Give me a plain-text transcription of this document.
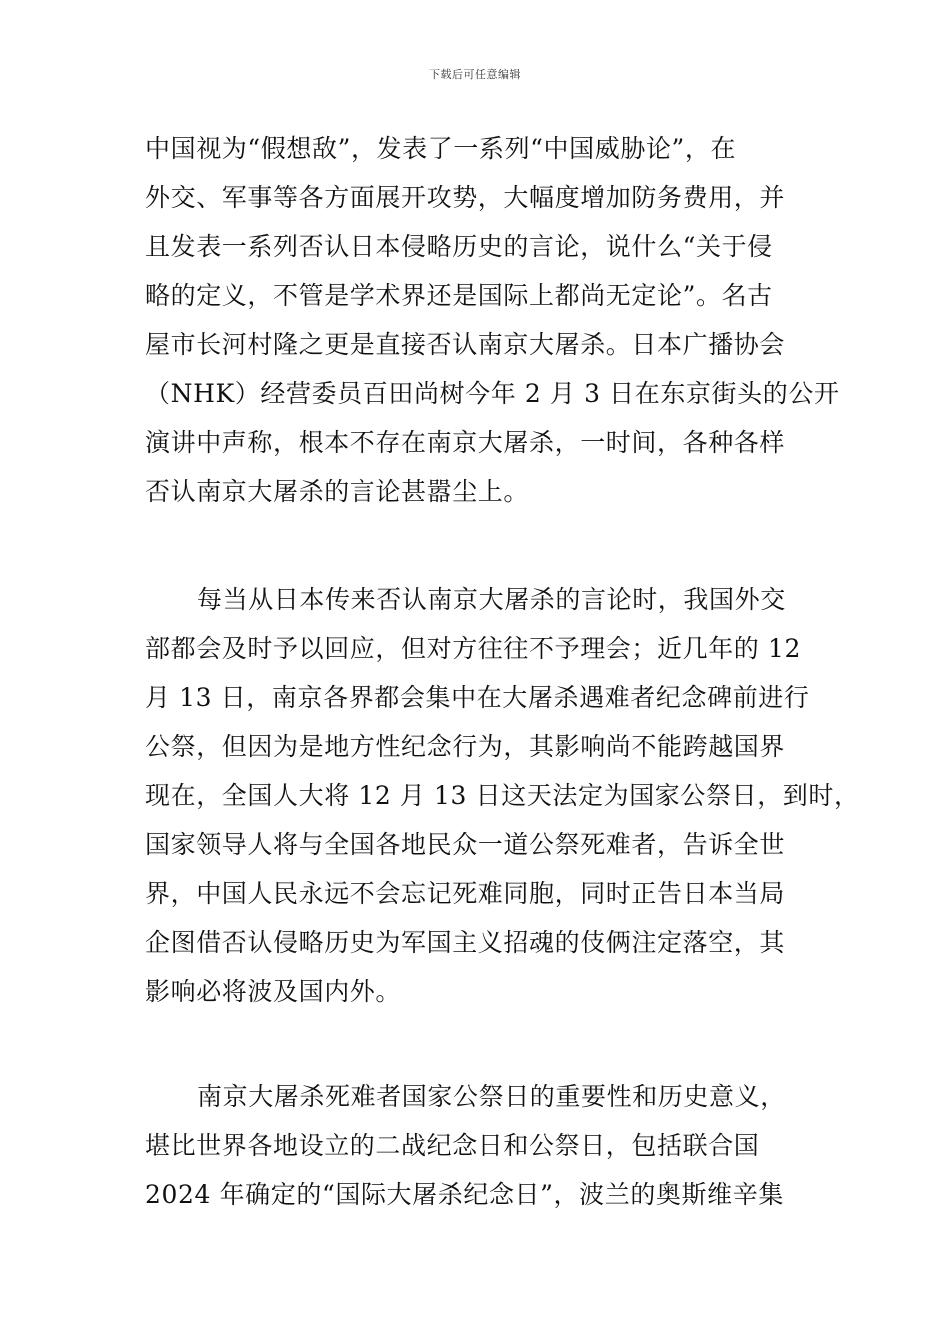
下载后可任意编辑
中国视为“假想敌”，发表了一系列“中国威胁论”，在
外交、军事等各方面展开攻势，大幅度增加防务费用，并
且发表一系列否认日本侵略历史的言论，说什么“关于侵
略的定义，不管是学术界还是国际上都尚无定论”。名古
屋市长河村隆之更是直接否认南京大屠杀。日本广播协会
（NHK）经营委员百田尚树今年 2 月 3 日在东京街头的公开
演讲中声称，根本不存在南京大屠杀，一时间，各种各样
否认南京大屠杀的言论甚嚣尘上。
每当从日本传来否认南京大屠杀的言论时，我国外交
部都会及时予以回应，但对方往往不予理会；近几年的 12
月 13 日，南京各界都会集中在大屠杀遇难者纪念碑前进行
公祭，但因为是地方性纪念行为，其影响尚不能跨越国界
现在，全国人大将 12 月 13 日这天法定为国家公祭日，到时，
国家领导人将与全国各地民众一道公祭死难者，告诉全世
界，中国人民永远不会忘记死难同胞，同时正告日本当局
企图借否认侵略历史为军国主义招魂的伎俩注定落空，其
影响必将波及国内外。
南京大屠杀死难者国家公祭日的重要性和历史意义，
堪比世界各地设立的二战纪念日和公祭日，包括联合国
2024 年确定的“国际大屠杀纪念日”，波兰的奥斯维辛集
